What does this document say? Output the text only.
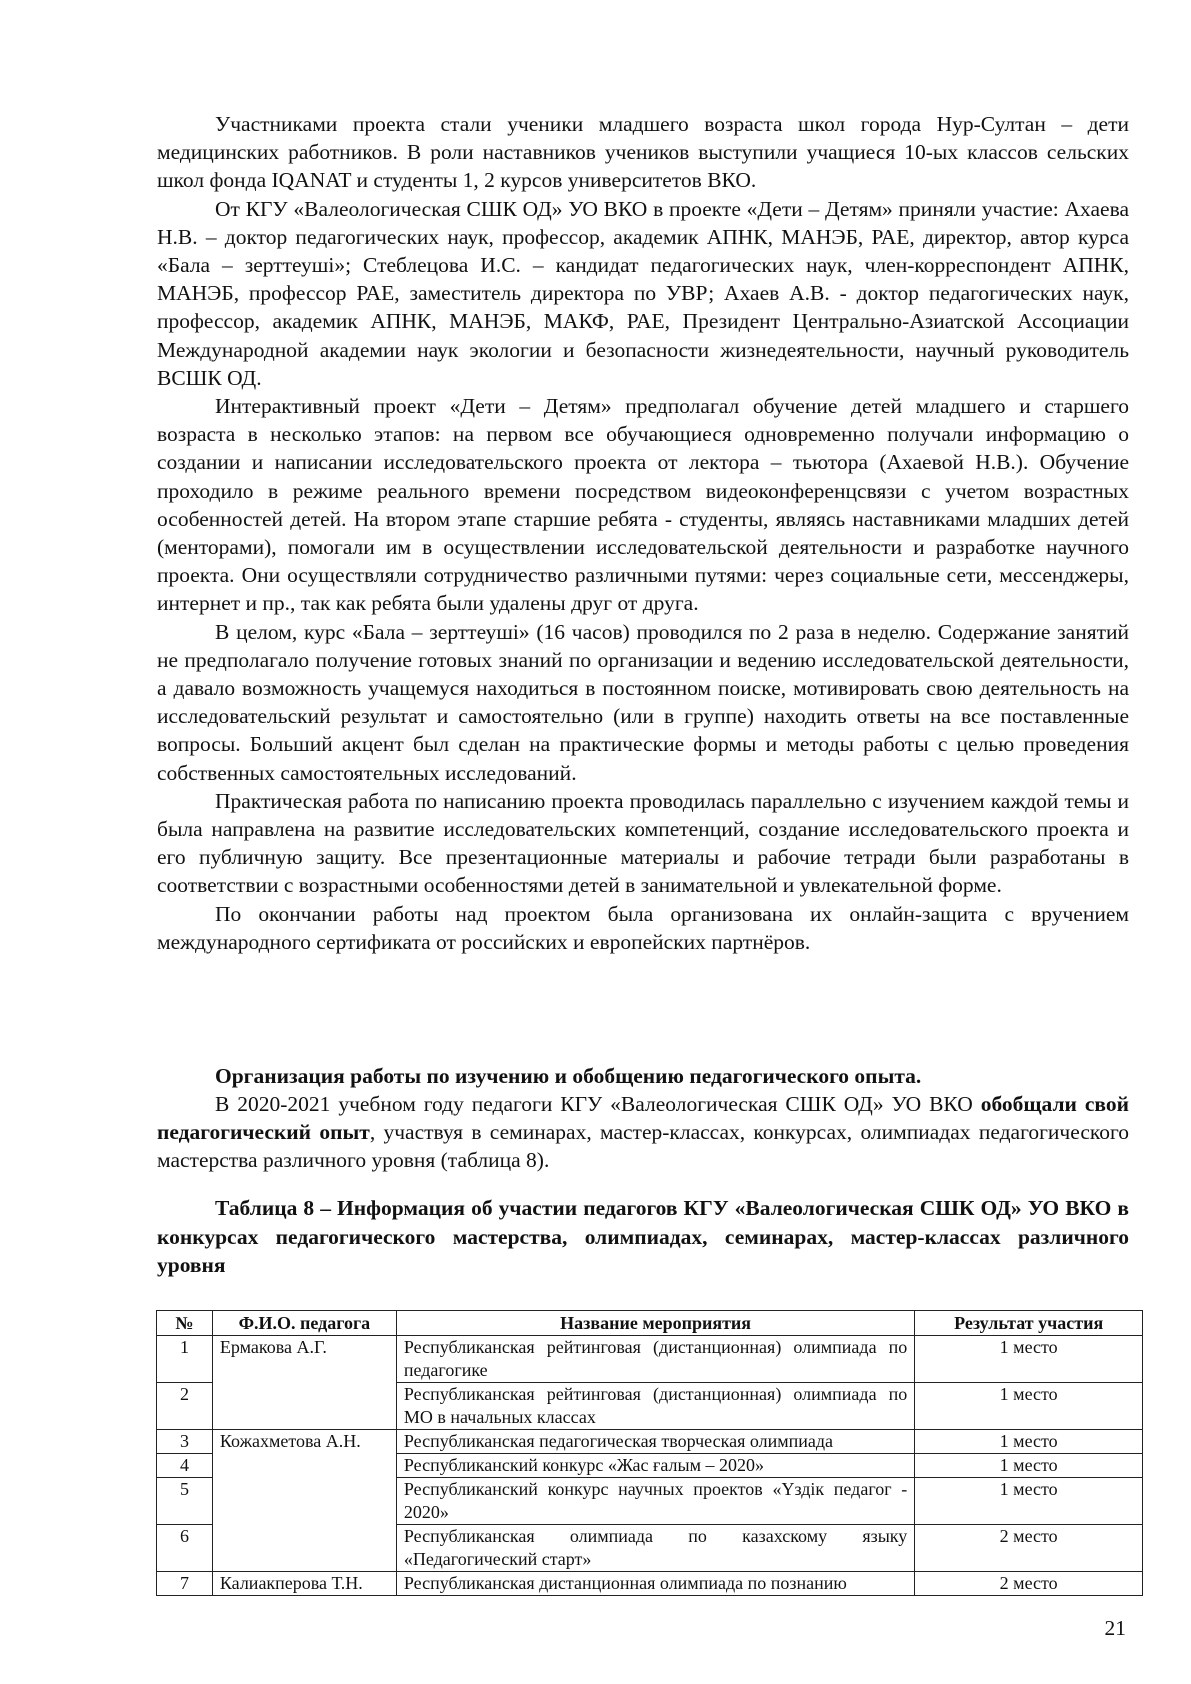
Участниками проекта стали ученики младшего возраста школ города Нур-Султан – дети медицинских работников. В роли наставников учеников выступили учащиеся 10-ых классов сельских школ фонда IQANAT и студенты 1, 2 курсов университетов ВКО.

От КГУ «Валеологическая СШК ОД» УО ВКО в проекте «Дети – Детям» приняли участие: Ахаева Н.В. – доктор педагогических наук, профессор, академик АПНК, МАНЭБ, РАЕ, директор, автор курса «Бала – зерттеушi»; Стеблецова И.С. – кандидат педагогических наук, член-корреспондент АПНК, МАНЭБ, профессор РАЕ, заместитель директора по УВР; Ахаев А.В. - доктор педагогических наук, профессор, академик АПНК, МАНЭБ, МАКФ, РАЕ, Президент Центрально-Азиатской Ассоциации Международной академии наук экологии и безопасности жизнедеятельности, научный руководитель ВСШК ОД.

Интерактивный проект «Дети – Детям» предполагал обучение детей младшего и старшего возраста в несколько этапов: на первом все обучающиеся одновременно получали информацию о создании и написании исследовательского проекта от лектора – тьютора (Ахаевой Н.В.). Обучение проходило в режиме реального времени посредством видеоконференцсвязи с учетом возрастных особенностей детей. На втором этапе старшие ребята - студенты, являясь наставниками младших детей (менторами), помогали им в осуществлении исследовательской деятельности и разработке научного проекта. Они осуществляли сотрудничество различными путями: через социальные сети, мессенджеры, интернет и пр., так как ребята были удалены друг от друга.

В целом, курс «Бала – зерттеушi» (16 часов) проводился по 2 раза в неделю. Содержание занятий не предполагало получение готовых знаний по организации и ведению исследовательской деятельности, а давало возможность учащемуся находиться в постоянном поиске, мотивировать свою деятельность на исследовательский результат и самостоятельно (или в группе) находить ответы на все поставленные вопросы. Больший акцент был сделан на практические формы и методы работы с целью проведения собственных самостоятельных исследований.

Практическая работа по написанию проекта проводилась параллельно с изучением каждой темы и была направлена на развитие исследовательских компетенций, создание исследовательского проекта и его публичную защиту. Все презентационные материалы и рабочие тетради были разработаны в соответствии с возрастными особенностями детей в занимательной и увлекательной форме.

По окончании работы над проектом была организована их онлайн-защита с вручением международного сертификата от российских и европейских партнёров.

Организация работы по изучению и обобщению педагогического опыта.

В 2020-2021 учебном году педагоги КГУ «Валеологическая СШК ОД» УО ВКО обобщали свой педагогический опыт, участвуя в семинарах, мастер-классах, конкурсах, олимпиадах педагогического мастерства различного уровня (таблица 8).

Таблица 8 – Информация об участии педагогов КГУ «Валеологическая СШК ОД» УО ВКО в конкурсах педагогического мастерства, олимпиадах, семинарах, мастер-классах различного уровня

№	Ф.И.О. педагога	Название мероприятия	Результат участия
1	Ермакова А.Г.	Республиканская рейтинговая (дистанционная) олимпиада по педагогике	1 место
2		Республиканская рейтинговая (дистанционная) олимпиада по МО в начальных классах	1 место
3	Кожахметова А.Н.	Республиканская педагогическая творческая олимпиада	1 место
4		Республиканский конкурс «Жас ғалым – 2020»	1 место
5		Республиканский конкурс научных проектов «Үздiк педагог - 2020»	1 место
6		Республиканская олимпиада по казахскому языку «Педагогический старт»	2 место
7	Калиакперова Т.Н.	Республиканская дистанционная олимпиада по познанию	2 место
21
